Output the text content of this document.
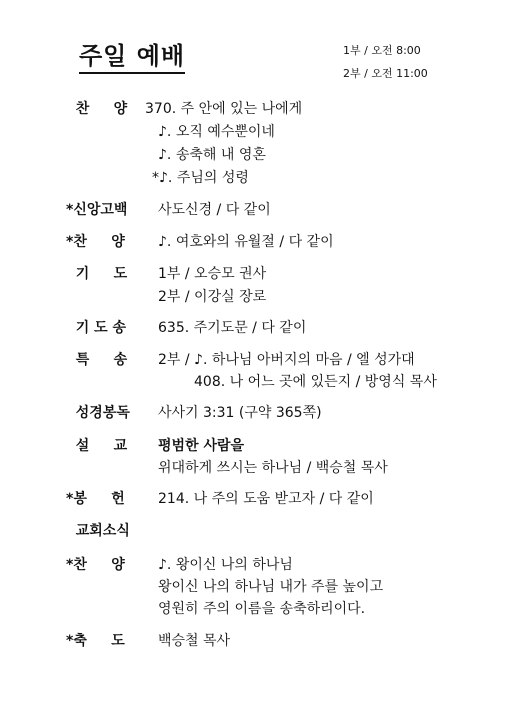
주일 예배	1부 / 오전 8:00
2부 / 오전 11:00
찬     양	370. 주 안에 있는 나에게
♪. 오직 예수뿐이네
♪. 송축해 내 영혼
*♪. 주님의 성령
*신앙고백	사도신경 / 다 같이
*찬     양	♪. 여호와의 유월절 / 다 같이
기     도	1부 / 오승모 권사
2부 / 이강실 장로
기 도 송	635. 주기도문 / 다 같이
특     송	2부 / ♪. 하나님 아버지의 마음 / 엘 성가대
408. 나 어느 곳에 있든지 / 방영식 목사
성경봉독	사사기 3:31 (구약 365쪽)
설     교	평범한 사람을
위대하게 쓰시는 하나님 / 백승철 목사
*봉     헌	214. 나 주의 도움 받고자 / 다 같이
교회소식
*찬     양	♪. 왕이신 나의 하나님
왕이신 나의 하나님 내가 주를 높이고
영원히 주의 이름을 송축하리이다.
*축     도	백승철 목사
